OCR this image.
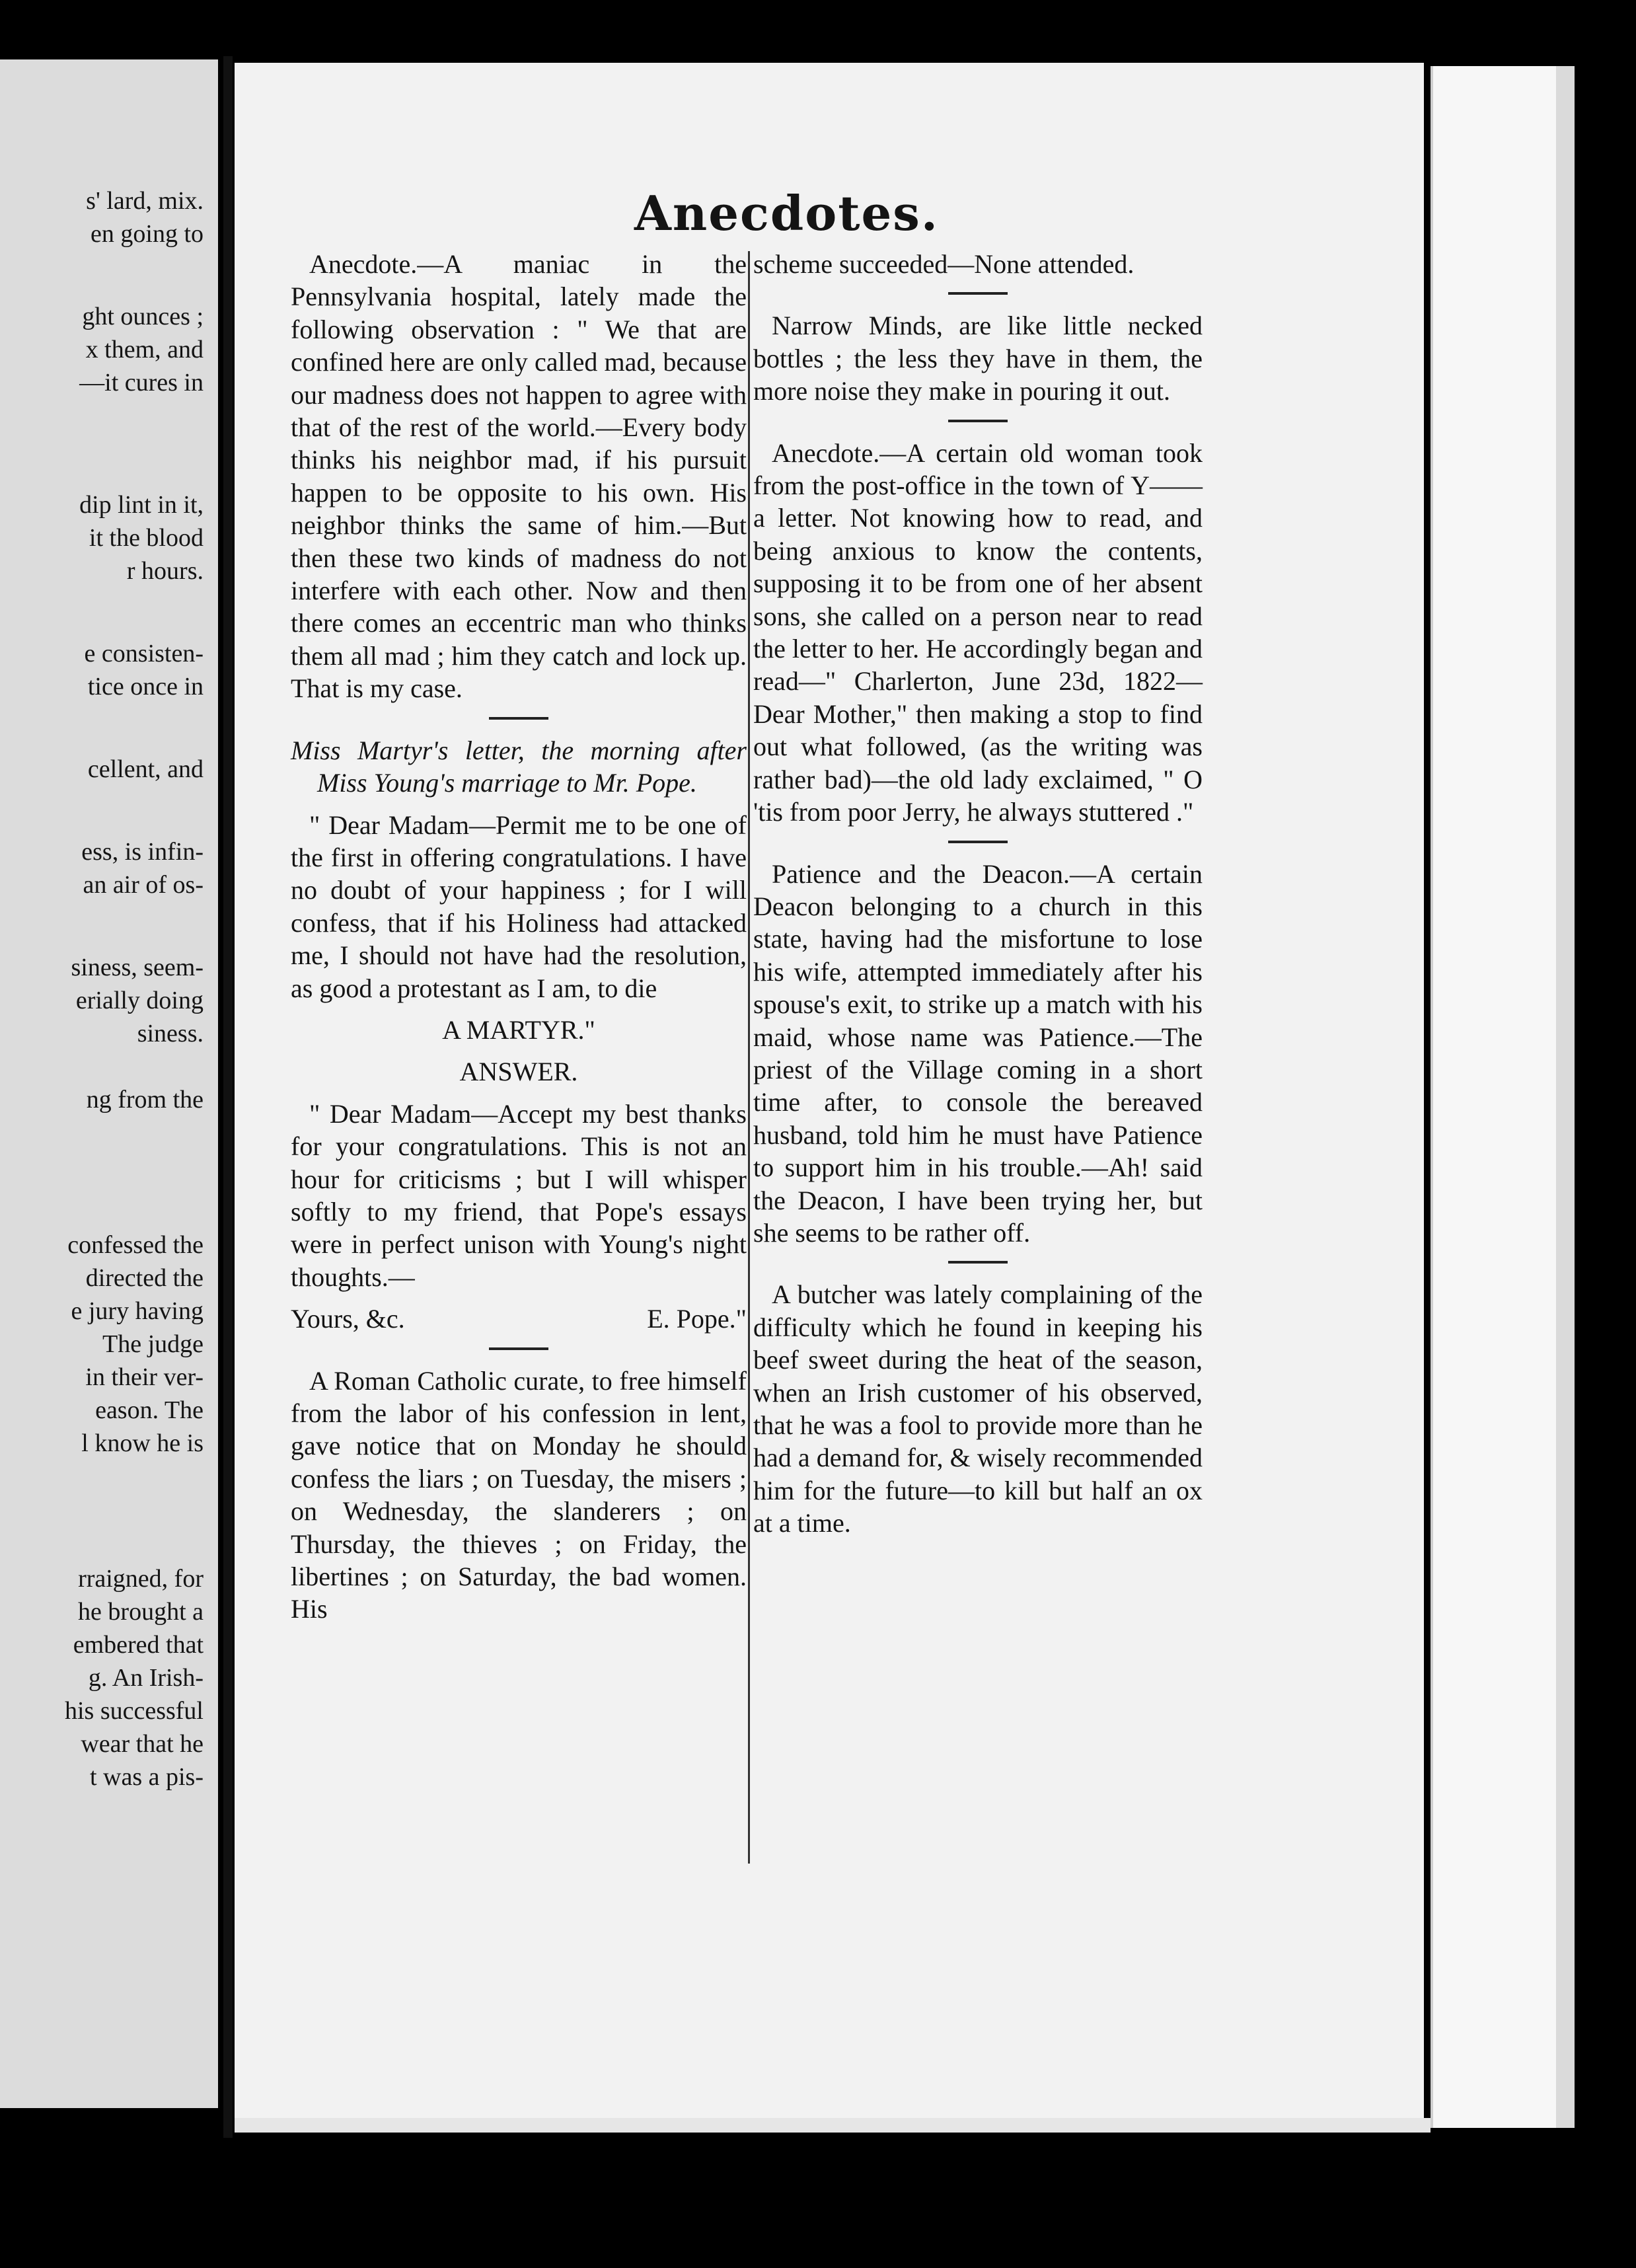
s' lard, mix.
en going to
ght ounces ;
x them, and
—it cures in
dip lint in it,
it the blood
r hours.
e consisten-
tice once in
cellent, and
ess, is infin-
an air of os-
siness, seem-
erially doing
siness.
ng from the
confessed the
directed the
e jury having
The judge
in their ver-
eason. The
l know he is
rraigned, for
he brought a
embered that
g. An Irish-
his successful
wear that he
t was a pis-
Anecdotes.

Anecdote.—A maniac in the Pennsylvania hospital, lately made the following observation : " We that are confined here are only called mad, because our madness does not happen to agree with that of the rest of the world.—Every body thinks his neighbor mad, if his pursuit happen to be opposite to his own. His neighbor thinks the same of him.—But then these two kinds of madness do not interfere with each other. Now and then there comes an eccentric man who thinks them all mad ; him they catch and lock up. That is my case.

Miss Martyr's letter, the morning after Miss Young's marriage to Mr. Pope.

" Dear Madam—Permit me to be one of the first in offering congratulations. I have no doubt of your happiness ; for I will confess, that if his Holiness had attacked me, I should not have had the resolution, as good a protestant as I am, to die

A MARTYR."

ANSWER.

" Dear Madam—Accept my best thanks for your congratulations. This is not an hour for criticisms ; but I will whisper softly to my friend, that Pope's essays were in perfect unison with Young's night thoughts.—

Yours, &c.	E. Pope."

A Roman Catholic curate, to free himself from the labor of his confession in lent, gave notice that on Monday he should confess the liars ; on Tuesday, the misers ; on Wednesday, the slanderers ; on Thursday, the thieves ; on Friday, the libertines ; on Saturday, the bad women. His

scheme succeeded—None attended.

Narrow Minds, are like little necked bottles ; the less they have in them, the more noise they make in pouring it out.

Anecdote.—A certain old woman took from the post-office in the town of Y—— a letter. Not knowing how to read, and being anxious to know the contents, supposing it to be from one of her absent sons, she called on a person near to read the letter to her. He accordingly began and read—" Charlerton, June 23d, 1822—Dear Mother," then making a stop to find out what followed, (as the writing was rather bad)—the old lady exclaimed, " O 'tis from poor Jerry, he always stuttered ."

Patience and the Deacon.—A certain Deacon belonging to a church in this state, having had the misfortune to lose his wife, attempted immediately after his spouse's exit, to strike up a match with his maid, whose name was Patience.—The priest of the Village coming in a short time after, to console the bereaved husband, told him he must have Patience to support him in his trouble.—Ah! said the Deacon, I have been trying her, but she seems to be rather off.

A butcher was lately complaining of the difficulty which he found in keeping his beef sweet during the heat of the season, when an Irish customer of his observed, that he was a fool to provide more than he had a demand for, & wisely recommended him for the future—to kill but half an ox at a time.
